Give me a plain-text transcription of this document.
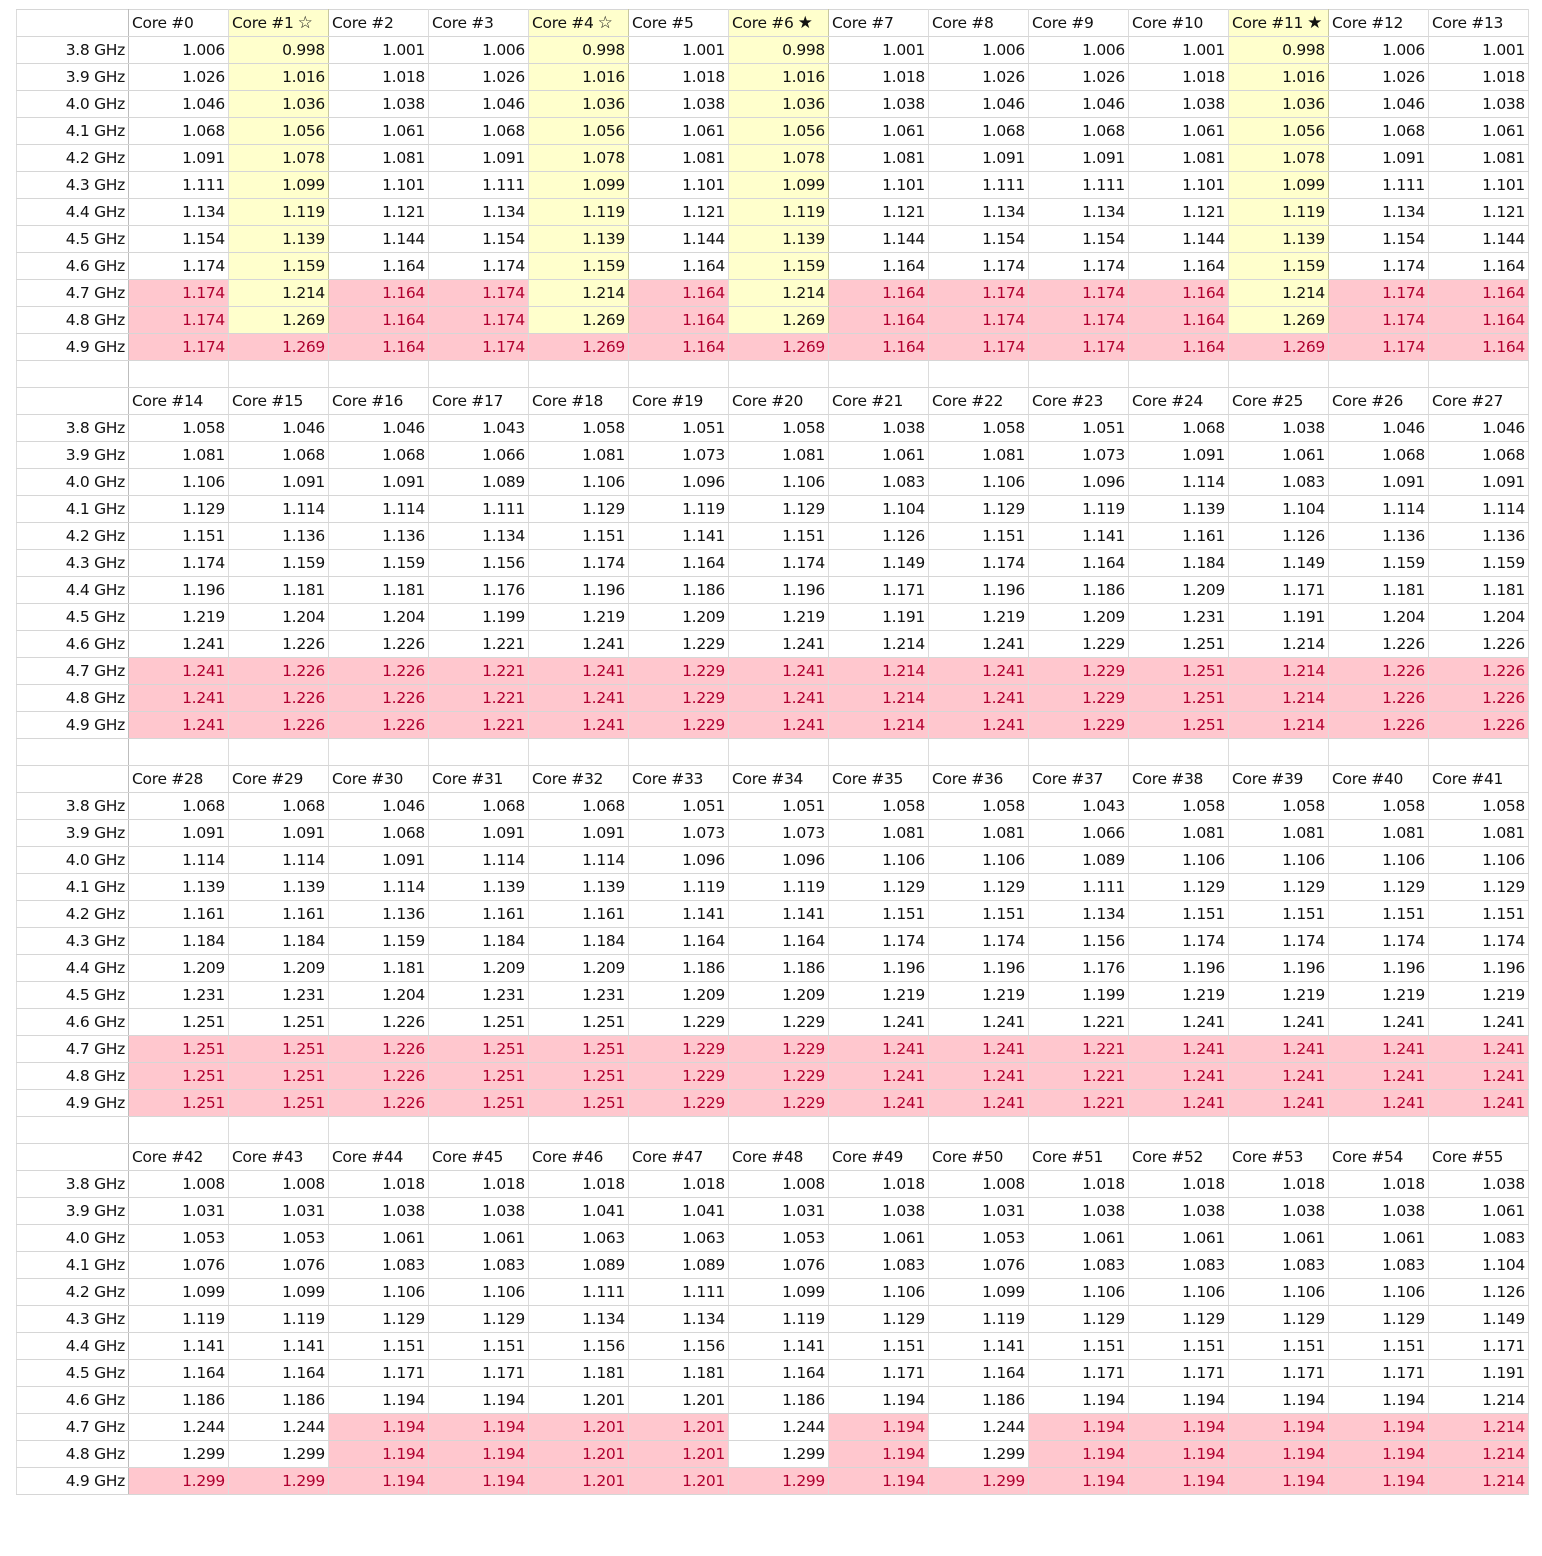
	Core #0	Core #1 ☆	Core #2	Core #3	Core #4 ☆	Core #5	Core #6 ★	Core #7	Core #8	Core #9	Core #10	Core #11 ★	Core #12	Core #13
3.8 GHz	1.006	0.998	1.001	1.006	0.998	1.001	0.998	1.001	1.006	1.006	1.001	0.998	1.006	1.001
3.9 GHz	1.026	1.016	1.018	1.026	1.016	1.018	1.016	1.018	1.026	1.026	1.018	1.016	1.026	1.018
4.0 GHz	1.046	1.036	1.038	1.046	1.036	1.038	1.036	1.038	1.046	1.046	1.038	1.036	1.046	1.038
4.1 GHz	1.068	1.056	1.061	1.068	1.056	1.061	1.056	1.061	1.068	1.068	1.061	1.056	1.068	1.061
4.2 GHz	1.091	1.078	1.081	1.091	1.078	1.081	1.078	1.081	1.091	1.091	1.081	1.078	1.091	1.081
4.3 GHz	1.111	1.099	1.101	1.111	1.099	1.101	1.099	1.101	1.111	1.111	1.101	1.099	1.111	1.101
4.4 GHz	1.134	1.119	1.121	1.134	1.119	1.121	1.119	1.121	1.134	1.134	1.121	1.119	1.134	1.121
4.5 GHz	1.154	1.139	1.144	1.154	1.139	1.144	1.139	1.144	1.154	1.154	1.144	1.139	1.154	1.144
4.6 GHz	1.174	1.159	1.164	1.174	1.159	1.164	1.159	1.164	1.174	1.174	1.164	1.159	1.174	1.164
4.7 GHz	1.174	1.214	1.164	1.174	1.214	1.164	1.214	1.164	1.174	1.174	1.164	1.214	1.174	1.164
4.8 GHz	1.174	1.269	1.164	1.174	1.269	1.164	1.269	1.164	1.174	1.174	1.164	1.269	1.174	1.164
4.9 GHz	1.174	1.269	1.164	1.174	1.269	1.164	1.269	1.164	1.174	1.174	1.164	1.269	1.174	1.164

	Core #14	Core #15	Core #16	Core #17	Core #18	Core #19	Core #20	Core #21	Core #22	Core #23	Core #24	Core #25	Core #26	Core #27
3.8 GHz	1.058	1.046	1.046	1.043	1.058	1.051	1.058	1.038	1.058	1.051	1.068	1.038	1.046	1.046
3.9 GHz	1.081	1.068	1.068	1.066	1.081	1.073	1.081	1.061	1.081	1.073	1.091	1.061	1.068	1.068
4.0 GHz	1.106	1.091	1.091	1.089	1.106	1.096	1.106	1.083	1.106	1.096	1.114	1.083	1.091	1.091
4.1 GHz	1.129	1.114	1.114	1.111	1.129	1.119	1.129	1.104	1.129	1.119	1.139	1.104	1.114	1.114
4.2 GHz	1.151	1.136	1.136	1.134	1.151	1.141	1.151	1.126	1.151	1.141	1.161	1.126	1.136	1.136
4.3 GHz	1.174	1.159	1.159	1.156	1.174	1.164	1.174	1.149	1.174	1.164	1.184	1.149	1.159	1.159
4.4 GHz	1.196	1.181	1.181	1.176	1.196	1.186	1.196	1.171	1.196	1.186	1.209	1.171	1.181	1.181
4.5 GHz	1.219	1.204	1.204	1.199	1.219	1.209	1.219	1.191	1.219	1.209	1.231	1.191	1.204	1.204
4.6 GHz	1.241	1.226	1.226	1.221	1.241	1.229	1.241	1.214	1.241	1.229	1.251	1.214	1.226	1.226
4.7 GHz	1.241	1.226	1.226	1.221	1.241	1.229	1.241	1.214	1.241	1.229	1.251	1.214	1.226	1.226
4.8 GHz	1.241	1.226	1.226	1.221	1.241	1.229	1.241	1.214	1.241	1.229	1.251	1.214	1.226	1.226
4.9 GHz	1.241	1.226	1.226	1.221	1.241	1.229	1.241	1.214	1.241	1.229	1.251	1.214	1.226	1.226

	Core #28	Core #29	Core #30	Core #31	Core #32	Core #33	Core #34	Core #35	Core #36	Core #37	Core #38	Core #39	Core #40	Core #41
3.8 GHz	1.068	1.068	1.046	1.068	1.068	1.051	1.051	1.058	1.058	1.043	1.058	1.058	1.058	1.058
3.9 GHz	1.091	1.091	1.068	1.091	1.091	1.073	1.073	1.081	1.081	1.066	1.081	1.081	1.081	1.081
4.0 GHz	1.114	1.114	1.091	1.114	1.114	1.096	1.096	1.106	1.106	1.089	1.106	1.106	1.106	1.106
4.1 GHz	1.139	1.139	1.114	1.139	1.139	1.119	1.119	1.129	1.129	1.111	1.129	1.129	1.129	1.129
4.2 GHz	1.161	1.161	1.136	1.161	1.161	1.141	1.141	1.151	1.151	1.134	1.151	1.151	1.151	1.151
4.3 GHz	1.184	1.184	1.159	1.184	1.184	1.164	1.164	1.174	1.174	1.156	1.174	1.174	1.174	1.174
4.4 GHz	1.209	1.209	1.181	1.209	1.209	1.186	1.186	1.196	1.196	1.176	1.196	1.196	1.196	1.196
4.5 GHz	1.231	1.231	1.204	1.231	1.231	1.209	1.209	1.219	1.219	1.199	1.219	1.219	1.219	1.219
4.6 GHz	1.251	1.251	1.226	1.251	1.251	1.229	1.229	1.241	1.241	1.221	1.241	1.241	1.241	1.241
4.7 GHz	1.251	1.251	1.226	1.251	1.251	1.229	1.229	1.241	1.241	1.221	1.241	1.241	1.241	1.241
4.8 GHz	1.251	1.251	1.226	1.251	1.251	1.229	1.229	1.241	1.241	1.221	1.241	1.241	1.241	1.241
4.9 GHz	1.251	1.251	1.226	1.251	1.251	1.229	1.229	1.241	1.241	1.221	1.241	1.241	1.241	1.241

	Core #42	Core #43	Core #44	Core #45	Core #46	Core #47	Core #48	Core #49	Core #50	Core #51	Core #52	Core #53	Core #54	Core #55
3.8 GHz	1.008	1.008	1.018	1.018	1.018	1.018	1.008	1.018	1.008	1.018	1.018	1.018	1.018	1.038
3.9 GHz	1.031	1.031	1.038	1.038	1.041	1.041	1.031	1.038	1.031	1.038	1.038	1.038	1.038	1.061
4.0 GHz	1.053	1.053	1.061	1.061	1.063	1.063	1.053	1.061	1.053	1.061	1.061	1.061	1.061	1.083
4.1 GHz	1.076	1.076	1.083	1.083	1.089	1.089	1.076	1.083	1.076	1.083	1.083	1.083	1.083	1.104
4.2 GHz	1.099	1.099	1.106	1.106	1.111	1.111	1.099	1.106	1.099	1.106	1.106	1.106	1.106	1.126
4.3 GHz	1.119	1.119	1.129	1.129	1.134	1.134	1.119	1.129	1.119	1.129	1.129	1.129	1.129	1.149
4.4 GHz	1.141	1.141	1.151	1.151	1.156	1.156	1.141	1.151	1.141	1.151	1.151	1.151	1.151	1.171
4.5 GHz	1.164	1.164	1.171	1.171	1.181	1.181	1.164	1.171	1.164	1.171	1.171	1.171	1.171	1.191
4.6 GHz	1.186	1.186	1.194	1.194	1.201	1.201	1.186	1.194	1.186	1.194	1.194	1.194	1.194	1.214
4.7 GHz	1.244	1.244	1.194	1.194	1.201	1.201	1.244	1.194	1.244	1.194	1.194	1.194	1.194	1.214
4.8 GHz	1.299	1.299	1.194	1.194	1.201	1.201	1.299	1.194	1.299	1.194	1.194	1.194	1.194	1.214
4.9 GHz	1.299	1.299	1.194	1.194	1.201	1.201	1.299	1.194	1.299	1.194	1.194	1.194	1.194	1.214
